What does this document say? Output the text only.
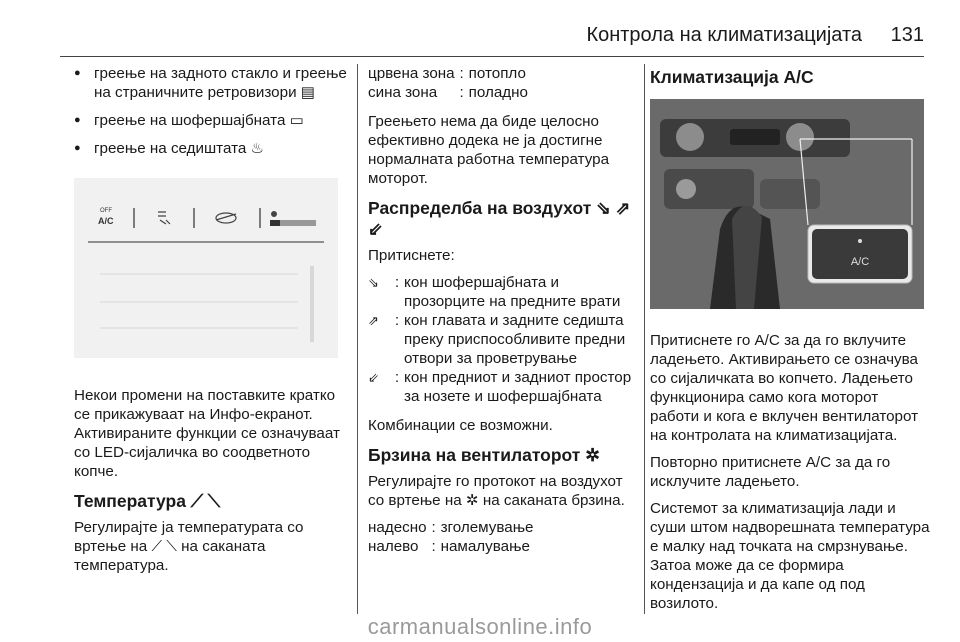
Контрола на климатизацијата 131
● греење на задното стакло и греење на страничните ретровизори ▤
● греење на шофершајбната ▭
● греење на седиштата ♨
OFF
A/C

Некои промени на поставките кратко се прикажуваат на Инфо-екранот. Активираните функции се означуваат со LED-сијаличка во соодветното копче.

Температура ⟋ ⟍

Регулирајте ја температурата со вртење на ⟋ ⟍ на саканата температура.

црвена зона : потопло
сина зона	: поладно

Греењето нема да биде целосно ефективно додека не ја достигне нормалната работна температура моторот.

Распределба на воздухот ⇘ ⇗ ⇙

Притиснете:

⇘	: кон шофершајбната и прозорците на предните врати
⇗	: кон главата и задните седишта преку приспособливите предни отвори за проветрување
⇙	: кон предниот и задниот простор за нозете и шофершајбната

Комбинации се возможни.

Брзина на вентилаторот ✲

Регулирајте го протокот на воздухот со вртење на ✲ на саканата брзина.

надесно : зголемување
налево : намалување
Климатизација A/C
A/C

Притиснете го A/C за да го вклучите ладењето. Активирањето се означува со сијаличката во копчето. Ладењето функционира само кога моторот работи и кога е вклучен вентилаторот на контролата на климатизацијата.

Повторно притиснете A/C за да го исклучите ладењето.

Системот за климатизација лади и суши штом надворешната температура е малку над точката на смрзнување. Затоа може да се формира кондензација и да капе од под возилото.

carmanualsonline.info
